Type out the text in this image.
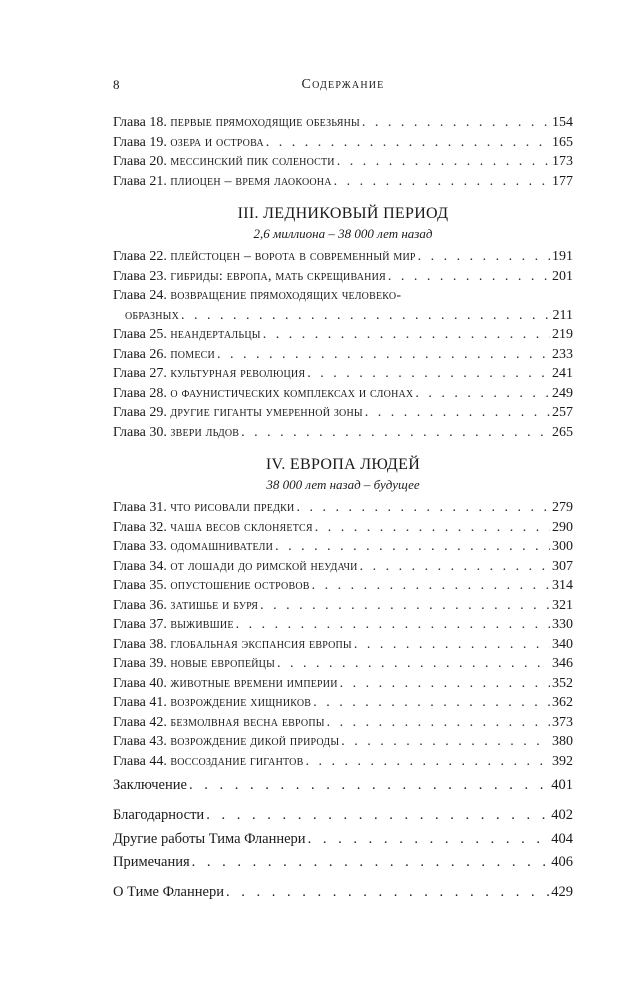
8	Содержание
Глава 18. первые прямоходящие обезьяны . . .	154
Глава 19. озера и острова . . .	165
Глава 20. мессинский пик солености . . .	173
Глава 21. плиоцен – время лаокоона . . .	177
III. ЛЕДНИКОВЫЙ ПЕРИОД
2,6 миллиона – 38 000 лет назад
Глава 22. плейстоцен – ворота в современный мир . . .	191
Глава 23. гибриды: европа, мать скрещивания . . .	201
Глава 24. возвращение прямоходящих человеко-
образных . . .	211
Глава 25. неандертальцы . . .	219
Глава 26. помеси . . .	233
Глава 27. культурная революция . . .	241
Глава 28. о фаунистических комплексах и слонах . . .	249
Глава 29. другие гиганты умеренной зоны . . .	257
Глава 30. звери льдов . . .	265
IV. ЕВРОПА ЛЮДЕЙ
38 000 лет назад – будущее
Глава 31. что рисовали предки . . .	279
Глава 32. чаша весов склоняется . . .	290
Глава 33. одомашниватели . . .	300
Глава 34. от лошади до римской неудачи . . .	307
Глава 35. опустошение островов . . .	314
Глава 36. затишье и буря . . .	321
Глава 37. выжившие . . .	330
Глава 38. глобальная экспансия европы . . .	340
Глава 39. новые европейцы . . .	346
Глава 40. животные времени империи . . .	352
Глава 41. возрождение хищников . . .	362
Глава 42. безмолвная весна европы . . .	373
Глава 43. возрождение дикой природы . . .	380
Глава 44. воссоздание гигантов . . .	392
Заключение . . .	401
Благодарности . . .	402
Другие работы Тима Фланнери . . .	404
Примечания . . .	406
О Тиме Фланнери . . .	429
